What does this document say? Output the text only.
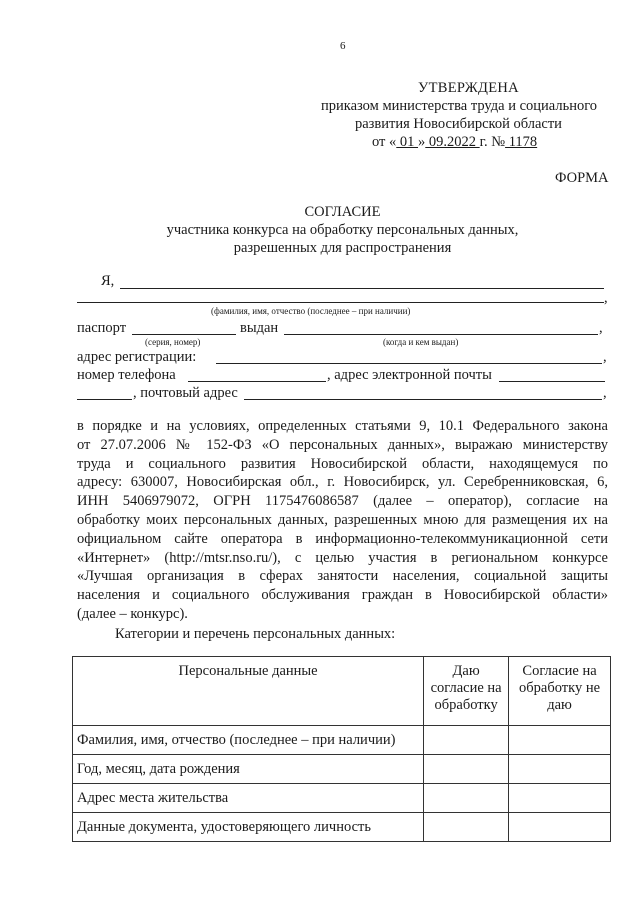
6
УТВЕРЖДЕНА
приказом министерства труда и социального
развития Новосибирской области
от « 01 » 09.2022 г. № 1178
ФОРМА
СОГЛАСИЕ
участника конкурса на обработку персональных данных,
разрешенных для распространения
Я,
,
(фамилия, имя, отчество (последнее – при наличии)
паспорт	выдан	,
(серия, номер)	(когда и кем выдан)
адрес регистрации:	,
номер телефона	, адрес электронной почты
, почтовый адрес	,
в порядке и на условиях, определенных статьями 9, 10.1 Федерального закона
от 27.07.2006 № 152-ФЗ «О персональных данных», выражаю министерству
труда и социального развития Новосибирской области, находящемуся по
адресу: 630007, Новосибирская обл., г. Новосибирск, ул. Серебренниковская, 6,
ИНН 5406979072, ОГРН 1175476086587 (далее – оператор), согласие на
обработку моих персональных данных, разрешенных мною для размещения их на
официальном сайте оператора в информационно-телекоммуникационной сети
«Интернет» (http://mtsr.nso.ru/), с целью участия в региональном конкурсе
«Лучшая организация в сферах занятости населения, социальной защиты
населения и социального обслуживания граждан в Новосибирской области»
(далее – конкурс).
Категории и перечень персональных данных:
Персональные данные	Даю согласие на обработку	Согласие на обработку не даю
Фамилия, имя, отчество (последнее – при наличии)		
Год, месяц, дата рождения		
Адрес места жительства		
Данные документа, удостоверяющего личность		
